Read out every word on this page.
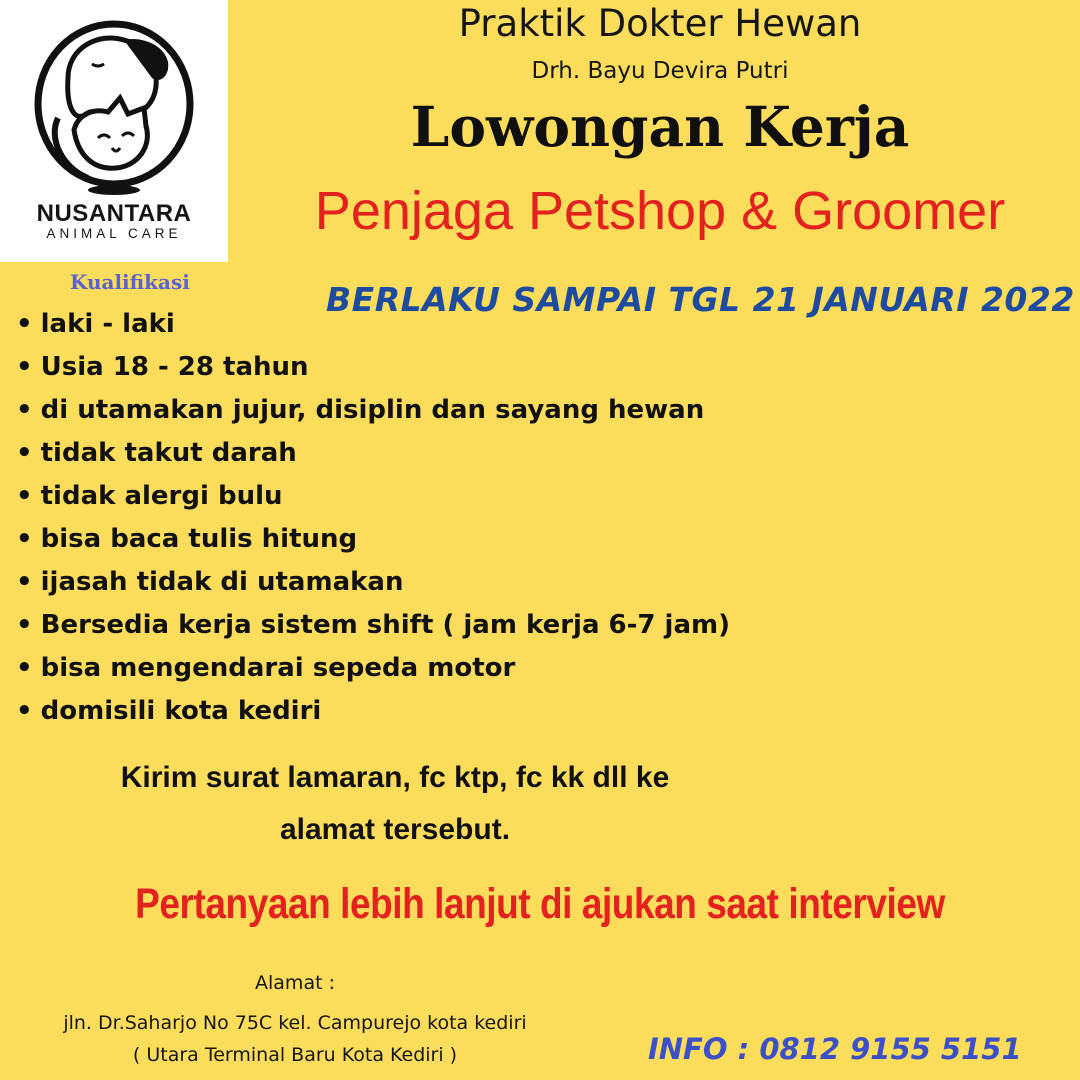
NUSANTARA
ANIMAL CARE
Praktik Dokter Hewan
Drh. Bayu Devira Putri
Lowongan Kerja
Penjaga Petshop & Groomer
Kualifikasi	BERLAKU SAMPAI TGL 21 JANUARI 2022
• laki - laki
• Usia 18 - 28 tahun
• di utamakan jujur, disiplin dan sayang hewan
• tidak takut darah
• tidak alergi bulu
• bisa baca tulis hitung
• ijasah tidak di utamakan
• Bersedia kerja sistem shift ( jam kerja 6-7 jam)
• bisa mengendarai sepeda motor
• domisili kota kediri
Kirim surat lamaran, fc ktp, fc kk dll ke
alamat tersebut.
Pertanyaan lebih lanjut di ajukan saat interview
Alamat :
jln. Dr.Saharjo No 75C kel. Campurejo kota kediri
( Utara Terminal Baru Kota Kediri )	INFO : 0812 9155 5151
